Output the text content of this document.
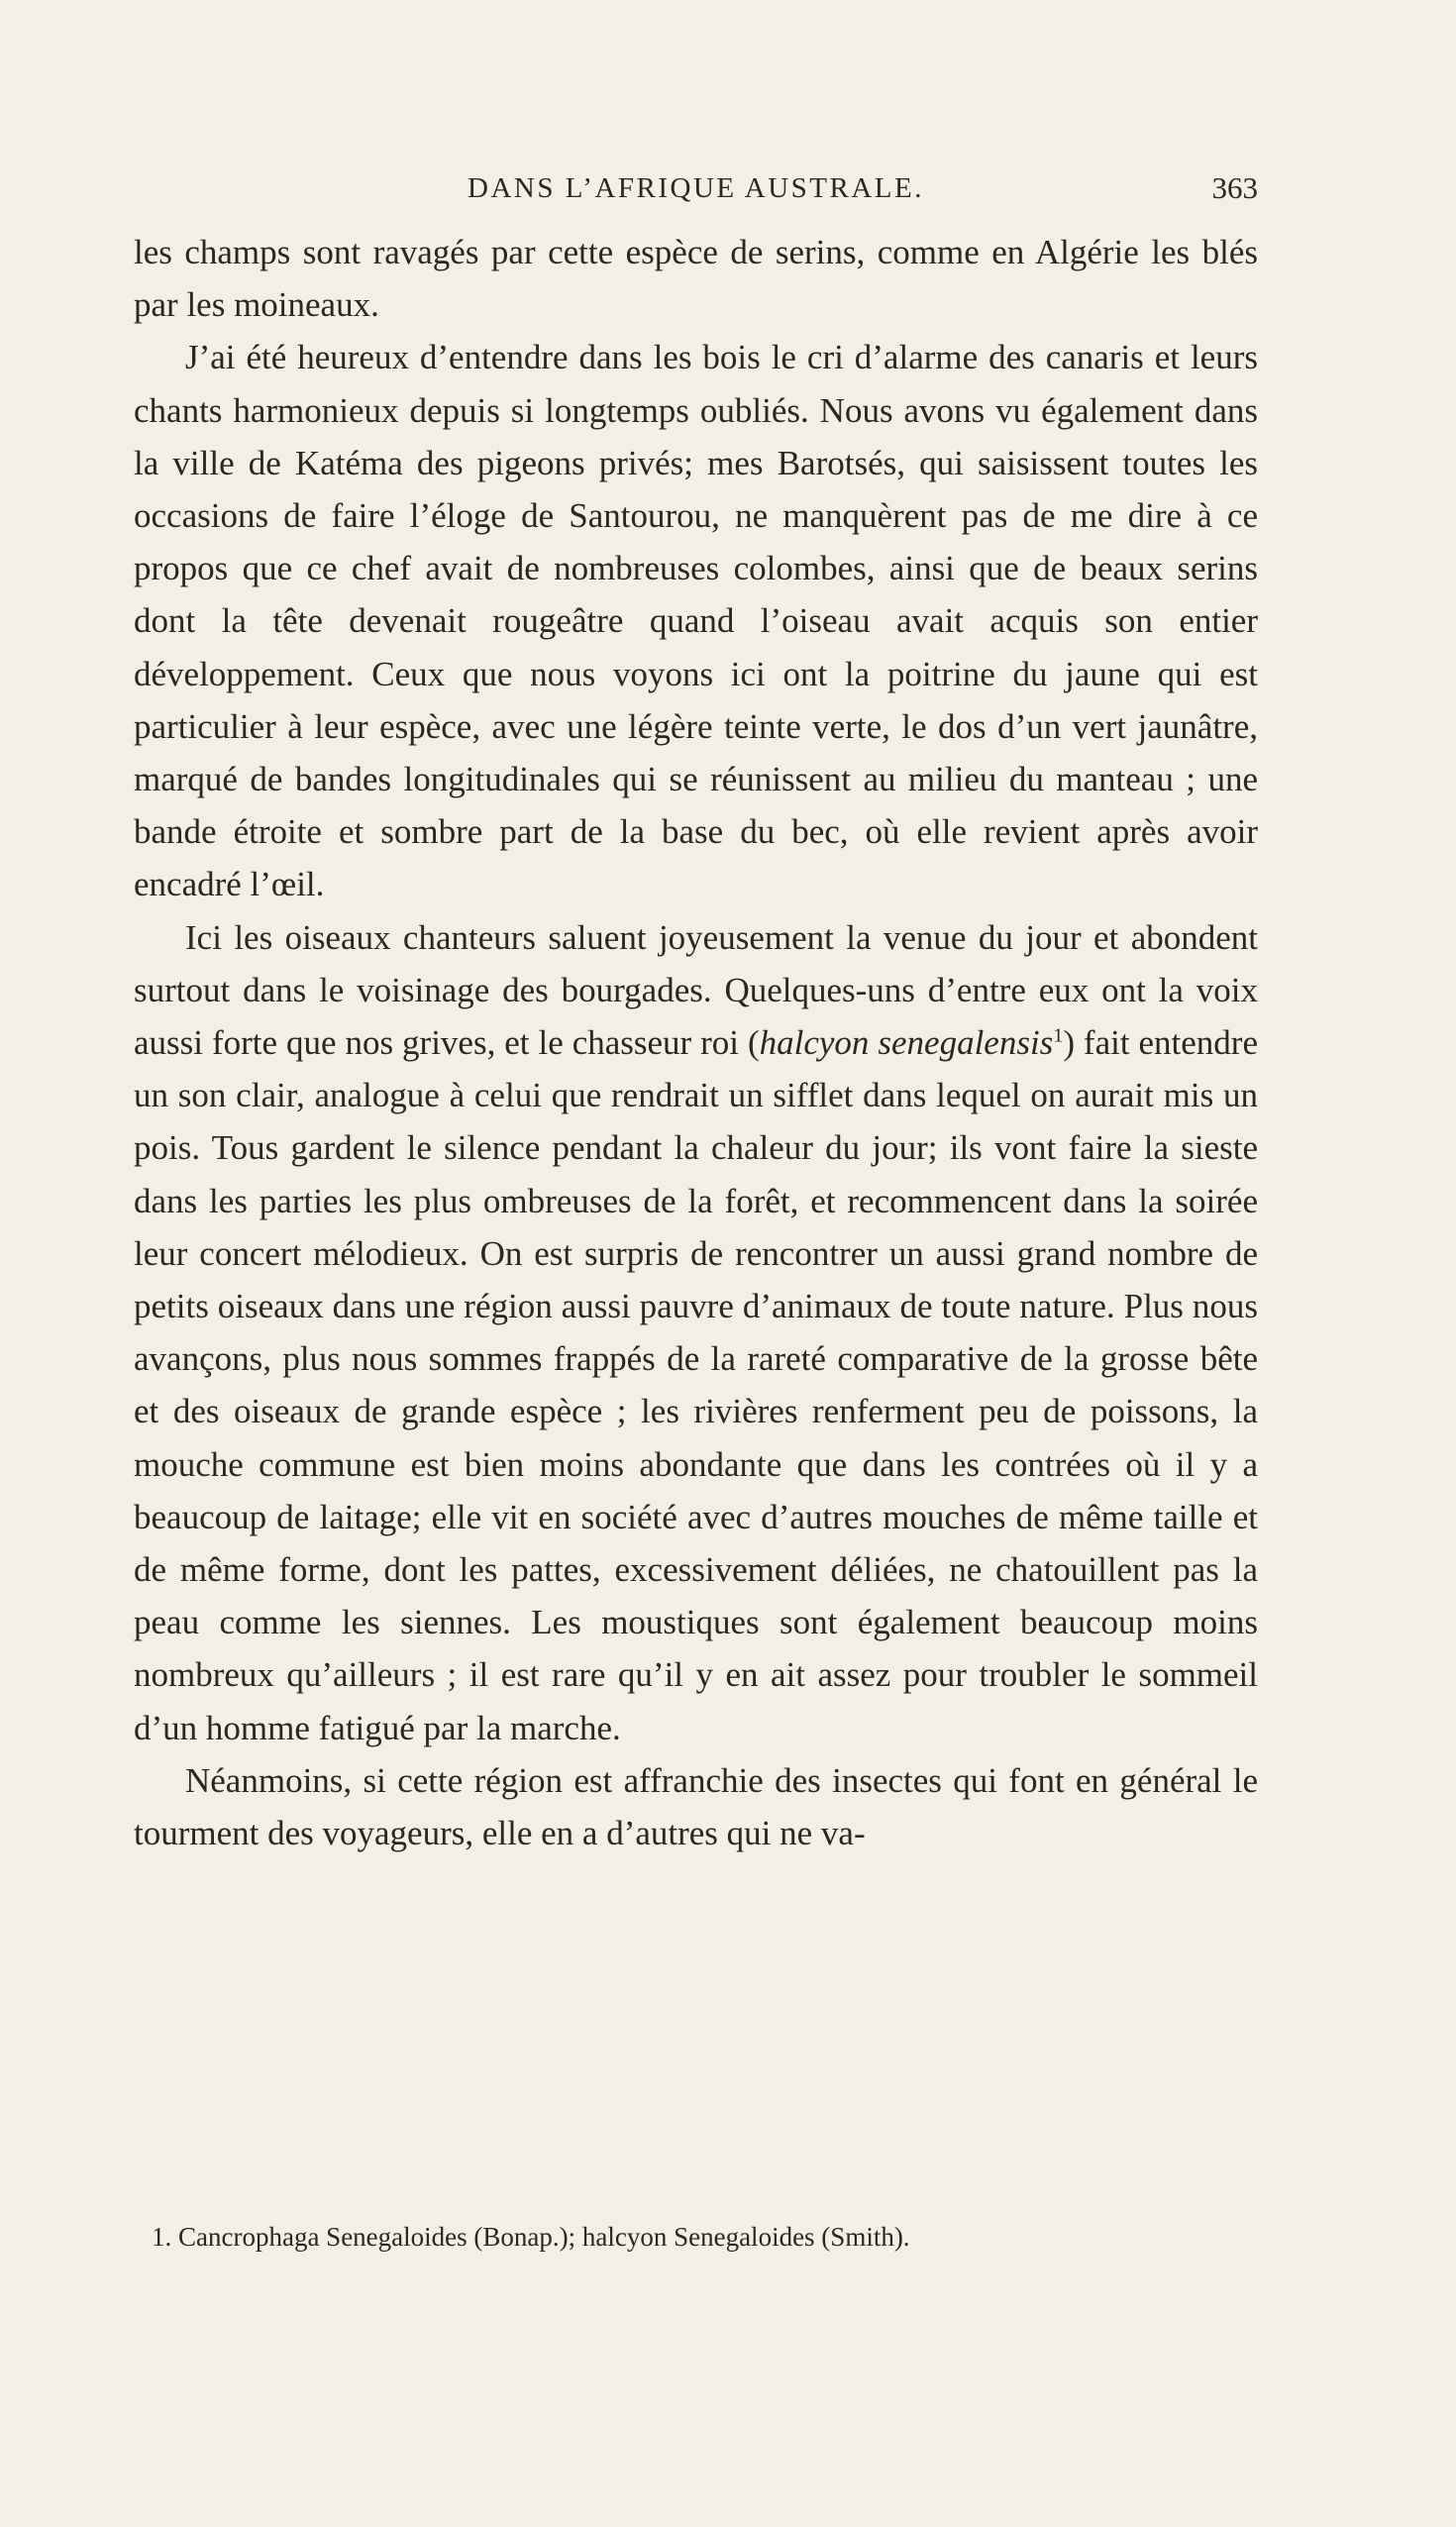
DANS L’AFRIQUE AUSTRALE.	363

les champs sont ravagés par cette espèce de serins, comme en Algérie les blés par les moineaux.

J’ai été heureux d’entendre dans les bois le cri d’alarme des canaris et leurs chants harmonieux depuis si longtemps oubliés. Nous avons vu également dans la ville de Katéma des pigeons privés; mes Barotsés, qui saisissent toutes les occasions de faire l’éloge de Santourou, ne manquèrent pas de me dire à ce propos que ce chef avait de nombreuses colombes, ainsi que de beaux serins dont la tête devenait rougeâtre quand l’oiseau avait acquis son entier développement. Ceux que nous voyons ici ont la poitrine du jaune qui est particulier à leur espèce, avec une légère teinte verte, le dos d’un vert jaunâtre, marqué de bandes longitudinales qui se réunissent au milieu du manteau ; une bande étroite et sombre part de la base du bec, où elle revient après avoir encadré l’œil.

Ici les oiseaux chanteurs saluent joyeusement la venue du jour et abondent surtout dans le voisinage des bourgades. Quelques-uns d’entre eux ont la voix aussi forte que nos grives, et le chasseur roi (halcyon senegalensis$^1$) fait entendre un son clair, analogue à celui que rendrait un sifflet dans lequel on aurait mis un pois. Tous gardent le silence pendant la chaleur du jour; ils vont faire la sieste dans les parties les plus ombreuses de la forêt, et recommencent dans la soirée leur concert mélodieux. On est surpris de rencontrer un aussi grand nombre de petits oiseaux dans une région aussi pauvre d’animaux de toute nature. Plus nous avançons, plus nous sommes frappés de la rareté comparative de la grosse bête et des oiseaux de grande espèce ; les rivières renferment peu de poissons, la mouche commune est bien moins abondante que dans les contrées où il y a beaucoup de laitage; elle vit en société avec d’autres mouches de même taille et de même forme, dont les pattes, excessivement déliées, ne chatouillent pas la peau comme les siennes. Les moustiques sont également beaucoup moins nombreux qu’ailleurs ; il est rare qu’il y en ait assez pour troubler le sommeil d’un homme fatigué par la marche.

Néanmoins, si cette région est affranchie des insectes qui font en général le tourment des voyageurs, elle en a d’autres qui ne va-

1. Cancrophaga Senegaloides (Bonap.); halcyon Senegaloides (Smith).
